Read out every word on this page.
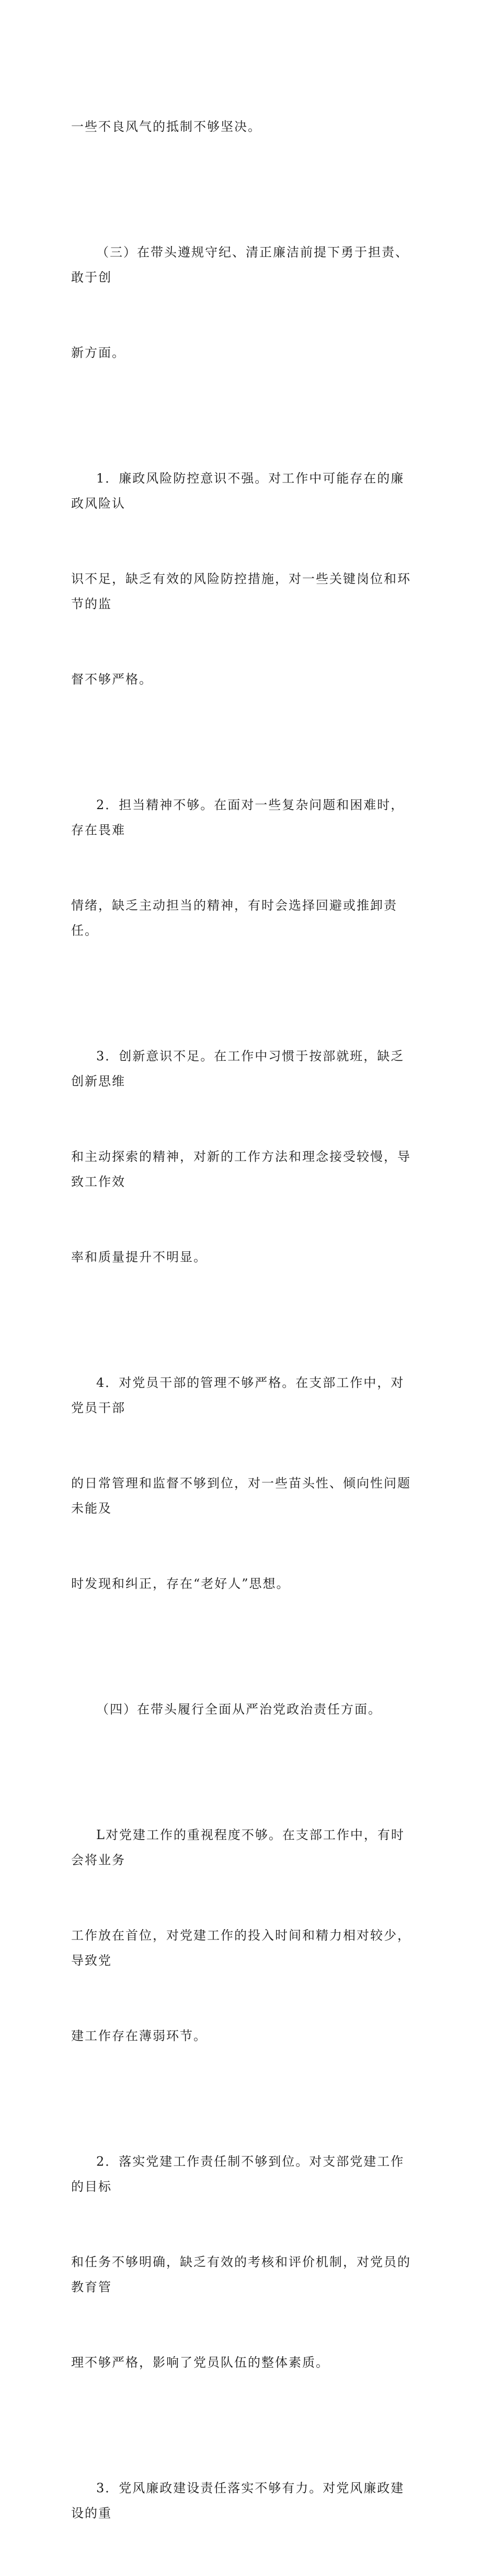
一些不良风气的抵制不够坚决。

（三）在带头遵规守纪、清正廉洁前提下勇于担责、敢于创

新方面。

1．廉政风险防控意识不强。对工作中可能存在的廉政风险认

识不足，缺乏有效的风险防控措施，对一些关键岗位和环节的监

督不够严格。

2．担当精神不够。在面对一些复杂问题和困难时，存在畏难

情绪，缺乏主动担当的精神，有时会选择回避或推卸责任。

3．创新意识不足。在工作中习惯于按部就班，缺乏创新思维

和主动探索的精神，对新的工作方法和理念接受较慢，导致工作效

率和质量提升不明显。

4．对党员干部的管理不够严格。在支部工作中，对党员干部

的日常管理和监督不够到位，对一些苗头性、倾向性问题未能及

时发现和纠正，存在“老好人”思想。

（四）在带头履行全面从严治党政治责任方面。

L对党建工作的重视程度不够。在支部工作中，有时会将业务

工作放在首位，对党建工作的投入时间和精力相对较少，导致党

建工作存在薄弱环节。

2．落实党建工作责任制不够到位。对支部党建工作的目标

和任务不够明确，缺乏有效的考核和评价机制，对党员的教育管

理不够严格，影响了党员队伍的整体素质。

3．党风廉政建设责任落实不够有力。对党风廉政建设的重
